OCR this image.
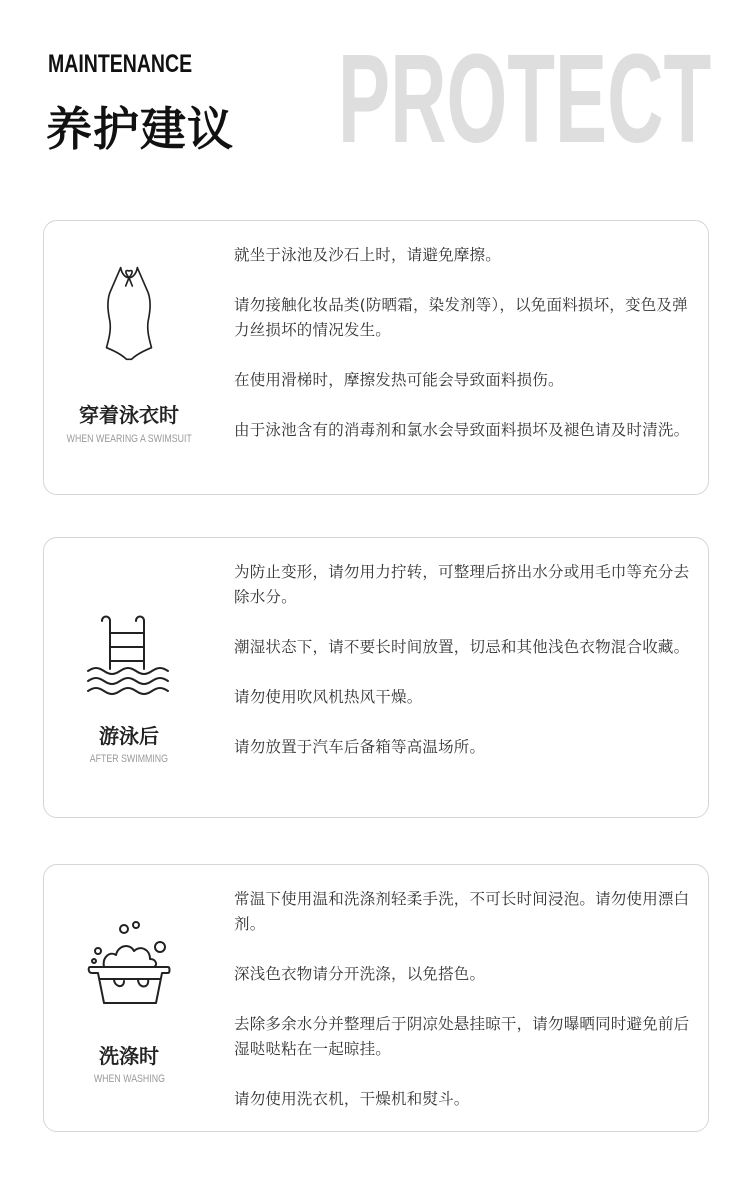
PROTECT
MAINTENANCE
养护建议
穿着泳衣时
WHEN WEARING A SWIMSUIT
就坐于泳池及沙石上时，请避免摩擦。
请勿接触化妆品类(防晒霜，染发剂等），以免面料损坏，变色及弹力丝损坏的情况发生。
在使用滑梯时，摩擦发热可能会导致面料损伤。
由于泳池含有的消毒剂和氯水会导致面料损坏及褪色请及时清洗。
游泳后
AFTER SWIMMING
为防止变形，请勿用力拧转，可整理后挤出水分或用毛巾等充分去除水分。
潮湿状态下，请不要长时间放置，切忌和其他浅色衣物混合收藏。
请勿使用吹风机热风干燥。
请勿放置于汽车后备箱等高温场所。
洗涤时
WHEN WASHING
常温下使用温和洗涤剂轻柔手洗，不可长时间浸泡。请勿使用漂白剂。
深浅色衣物请分开洗涤，以免搭色。
去除多余水分并整理后于阴凉处悬挂晾干，请勿曝晒同时避免前后湿哒哒粘在一起晾挂。
请勿使用洗衣机，干燥机和熨斗。
